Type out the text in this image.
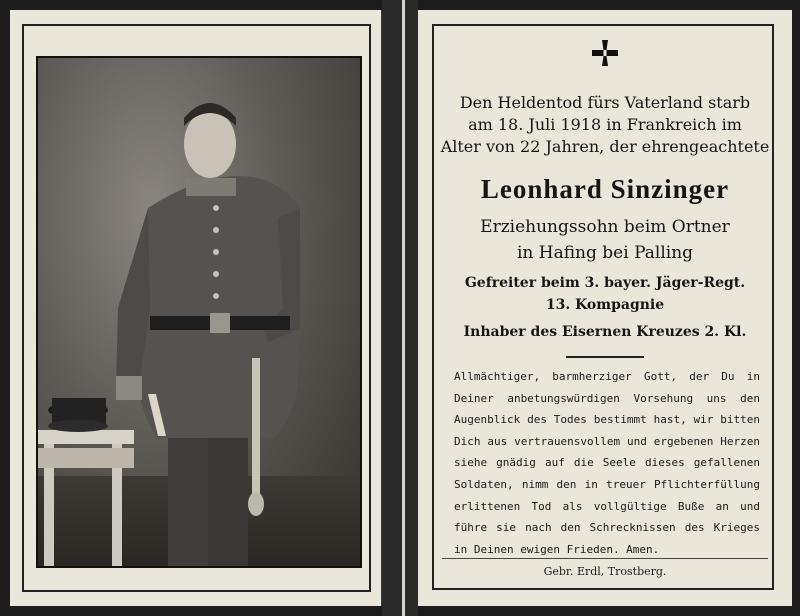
Den Heldentod fürs Vaterland starb
am 18. Juli 1918 in Frankreich im
Alter von 22 Jahren, der ehrengeachtete
Leonhard Sinzinger
Erziehungssohn beim Ortner
in Hafing bei Palling
Gefreiter beim 3. bayer. Jäger-Regt.
13. Kompagnie
Inhaber des Eisernen Kreuzes 2. Kl.
Allmächtiger, barmherziger Gott, der Du in Deiner anbetungswürdigen Vorsehung uns den Augenblick des Todes bestimmt hast, wir bitten Dich aus vertrauensvollem und ergebenen Herzen siehe gnädig auf die Seele dieses gefallenen Soldaten, nimm den in treuer Pflichterfüllung erlittenen Tod als vollgültige Buße an und führe sie nach den Schrecknissen des Krieges in Deinen ewigen Frieden. Amen.
Gebr. Erdl, Trostberg.
